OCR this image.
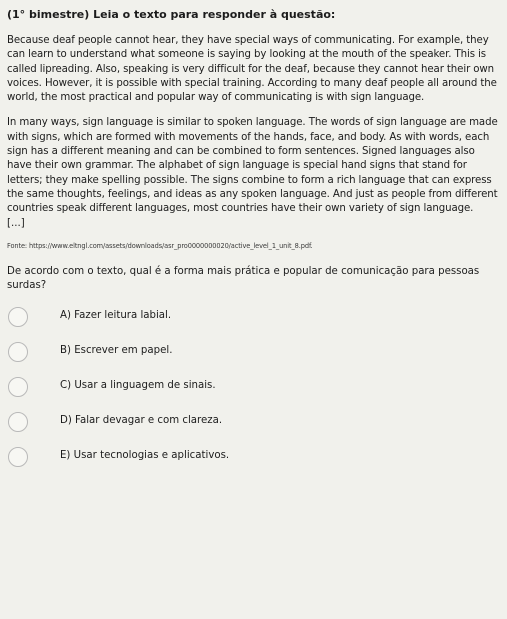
(1° bimestre) Leia o texto para responder à questão:

Because deaf people cannot hear, they have special ways of communicating. For example, they can learn to understand what someone is saying by looking at the mouth of the speaker. This is called lipreading. Also, speaking is very difficult for the deaf, because they cannot hear their own voices. However, it is possible with special training. According to many deaf people all around the world, the most practical and popular way of communicating is with sign language.

In many ways, sign language is similar to spoken language. The words of sign language are made with signs, which are formed with movements of the hands, face, and body. As with words, each sign has a different meaning and can be combined to form sentences. Signed languages also have their own grammar. The alphabet of sign language is special hand signs that stand for letters; they make spelling possible. The signs combine to form a rich language that can express the same thoughts, feelings, and ideas as any spoken language. And just as people from different countries speak different languages, most countries have their own variety of sign language.

[...]
Fonte: https://www.eltngl.com/assets/downloads/asr_pro0000000020/active_level_1_unit_8.pdf.
De acordo com o texto, qual é a forma mais prática e popular de comunicação para pessoas surdas?
A) Fazer leitura labial.
B) Escrever em papel.
C) Usar a linguagem de sinais.
D) Falar devagar e com clareza.
E) Usar tecnologias e aplicativos.
